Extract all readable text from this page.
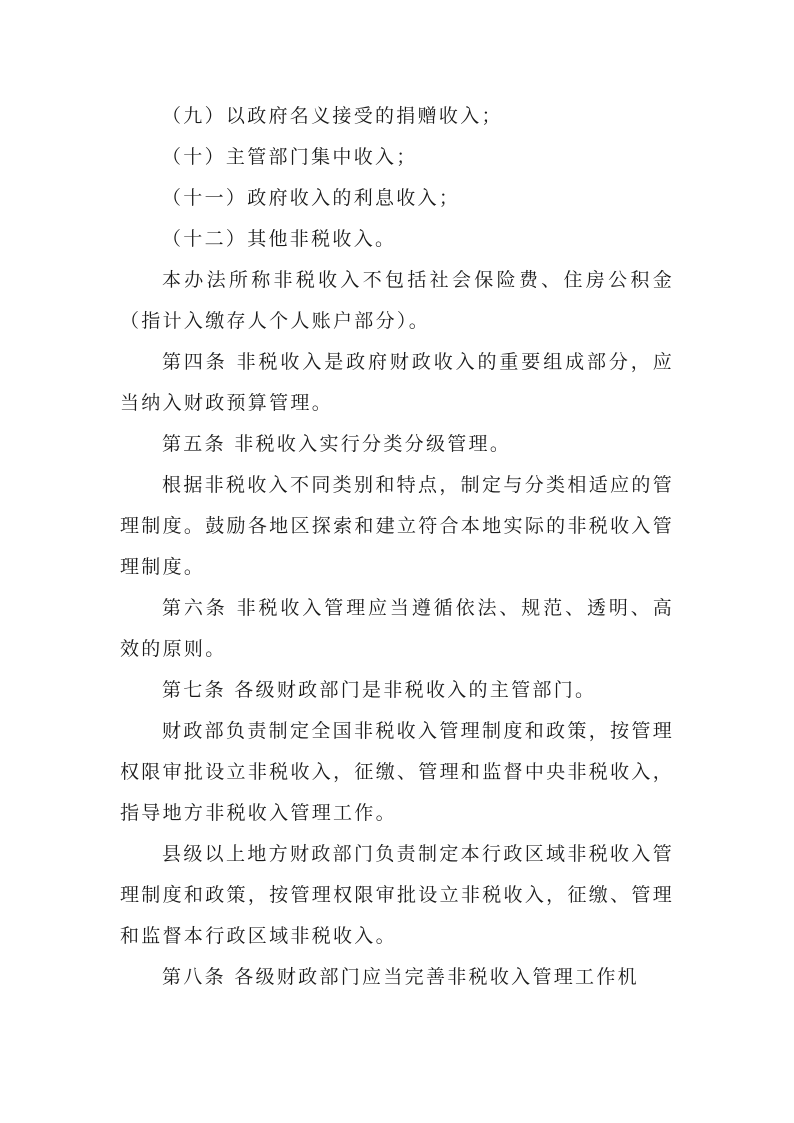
（九）以政府名义接受的捐赠收入；

（十）主管部门集中收入；

（十一）政府收入的利息收入；

（十二）其他非税收入。

本办法所称非税收入不包括社会保险费、住房公积金（指计入缴存人个人账户部分）。

第四条 非税收入是政府财政收入的重要组成部分，应当纳入财政预算管理。

第五条 非税收入实行分类分级管理。

根据非税收入不同类别和特点，制定与分类相适应的管理制度。鼓励各地区探索和建立符合本地实际的非税收入管理制度。

第六条 非税收入管理应当遵循依法、规范、透明、高效的原则。

第七条 各级财政部门是非税收入的主管部门。

财政部负责制定全国非税收入管理制度和政策，按管理权限审批设立非税收入，征缴、管理和监督中央非税收入，指导地方非税收入管理工作。

县级以上地方财政部门负责制定本行政区域非税收入管理制度和政策，按管理权限审批设立非税收入，征缴、管理和监督本行政区域非税收入。

第八条 各级财政部门应当完善非税收入管理工作机
